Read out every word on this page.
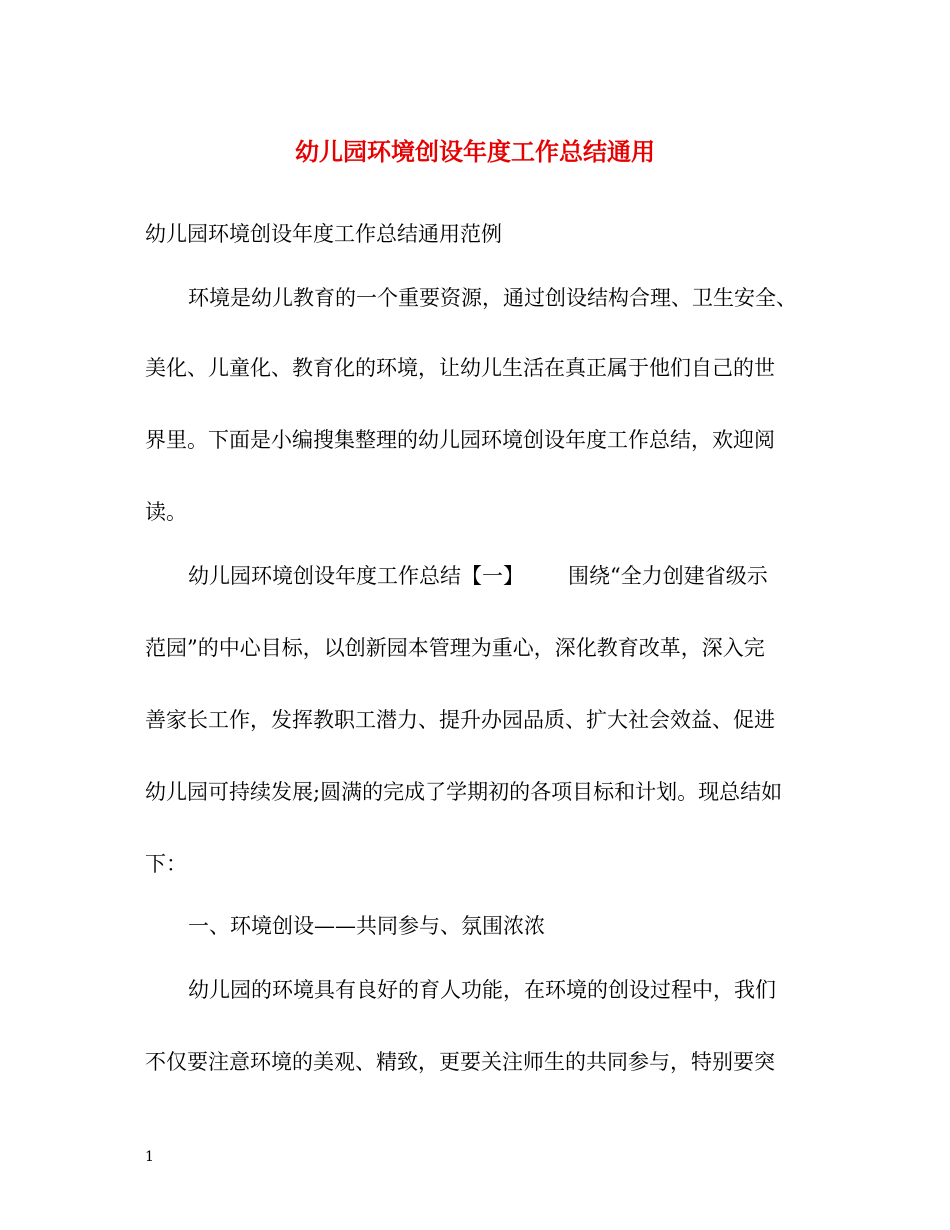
幼儿园环境创设年度工作总结通用
幼儿园环境创设年度工作总结通用范例
环境是幼儿教育的一个重要资源，通过创设结构合理、卫生安全、
美化、儿童化、教育化的环境，让幼儿生活在真正属于他们自己的世
界里。下面是小编搜集整理的幼儿园环境创设年度工作总结，欢迎阅
读。
幼儿园环境创设年度工作总结【一】 围绕“全力创建省级示
范园”的中心目标，以创新园本管理为重心，深化教育改革，深入完
善家长工作，发挥教职工潜力、提升办园品质、扩大社会效益、促进
幼儿园可持续发展;圆满的完成了学期初的各项目标和计划。现总结如
下：
一、环境创设——共同参与、氛围浓浓
幼儿园的环境具有良好的育人功能，在环境的创设过程中，我们
不仅要注意环境的美观、精致，更要关注师生的共同参与，特别要突
1
